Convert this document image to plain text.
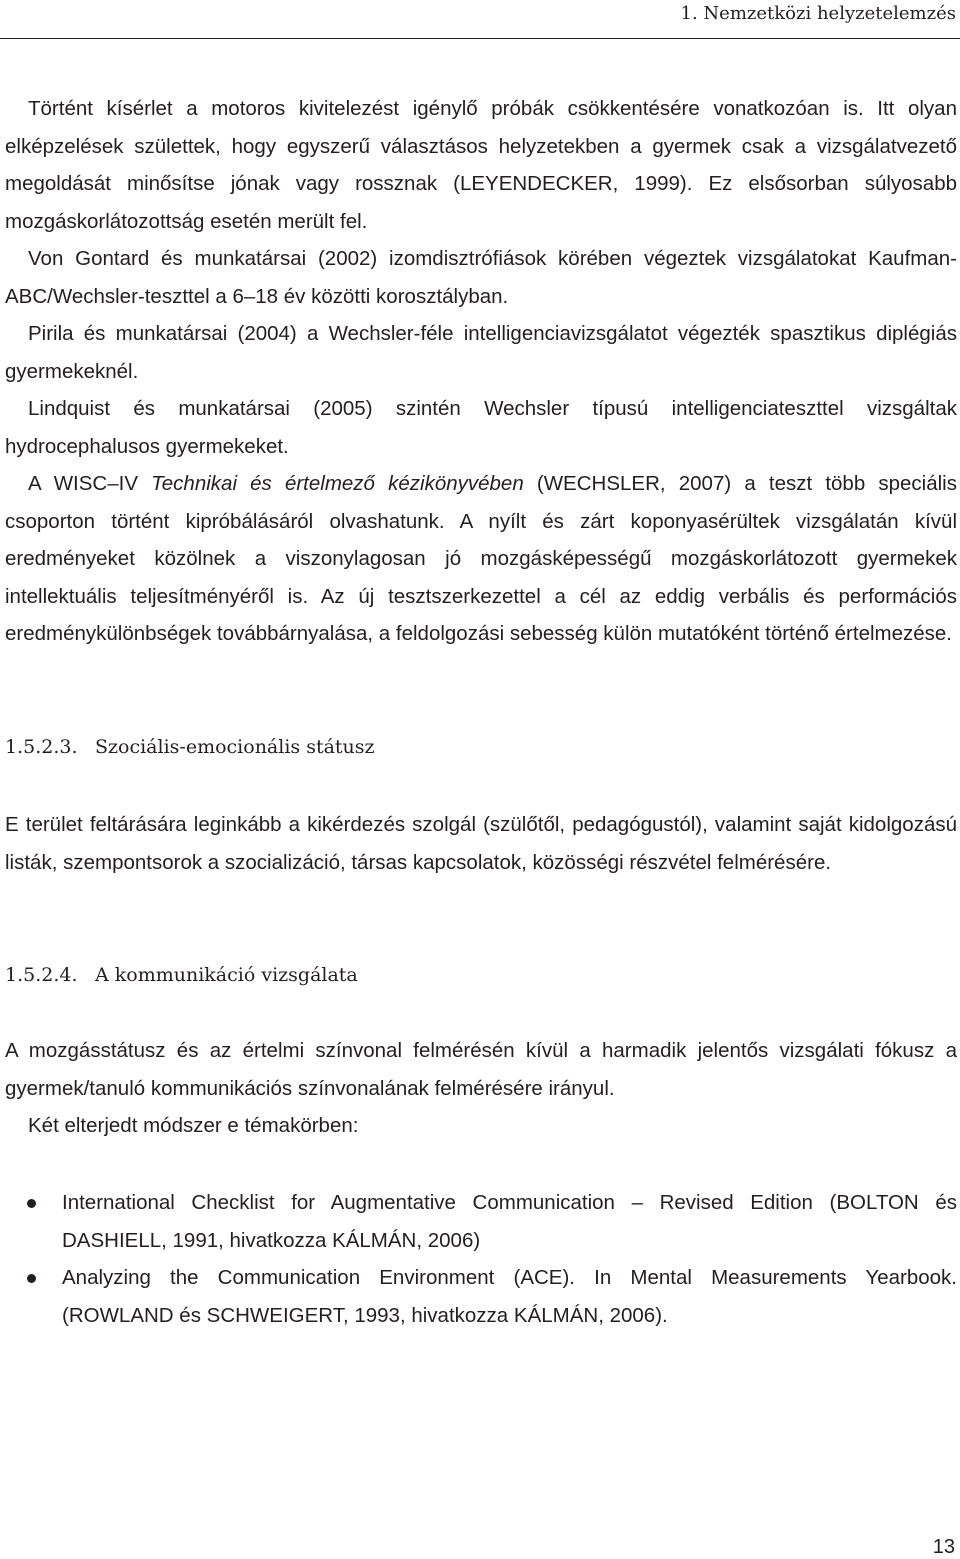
1. Nemzetközi helyzetelemzés

Történt kísérlet a motoros kivitelezést igénylő próbák csökkentésére vonatkozóan is. Itt olyan elképzelések születtek, hogy egyszerű választásos helyzetekben a gyermek csak a vizsgálatvezető megoldását minősítse jónak vagy rossznak (LEYENDECKER, 1999). Ez elsősorban súlyosabb mozgáskorlátozottság esetén merült fel.

Von Gontard és munkatársai (2002) izomdisztrófiások körében végeztek vizsgálatokat Kaufman-ABC/Wechsler-teszttel a 6–18 év közötti korosztályban.

Pirila és munkatársai (2004) a Wechsler-féle intelligenciavizsgálatot végezték spasztikus diplégiás gyermekeknél.

Lindquist és munkatársai (2005) szintén Wechsler típusú intelligenciateszttel vizsgáltak hydrocephalusos gyermekeket.

A WISC–IV Technikai és értelmező kézikönyvében (WECHSLER, 2007) a teszt több speciális csoporton történt kipróbálásáról olvashatunk. A nyílt és zárt koponyasérültek vizsgálatán kívül eredményeket közölnek a viszonylagosan jó mozgásképességű mozgáskorlátozott gyermekek intellektuális teljesítményéről is. Az új tesztszerkezettel a cél az eddig verbális és performációs eredménykülönbségek továbbárnyalása, a feldolgozási sebesség külön mutatóként történő értelmezése.

1.5.2.3. Szociális-emocionális státusz

E terület feltárására leginkább a kikérdezés szolgál (szülőtől, pedagógustól), valamint saját kidolgozású listák, szempontsorok a szocializáció, társas kapcsolatok, közösségi részvétel felmérésére.

1.5.2.4. A kommunikáció vizsgálata

A mozgásstátusz és az értelmi színvonal felmérésén kívül a harmadik jelentős vizsgálati fókusz a gyermek/tanuló kommunikációs színvonalának felmérésére irányul.

Két elterjedt módszer e témakörben:

International Checklist for Augmentative Communication – Revised Edition (BOLTON és DASHIELL, 1991, hivatkozza KÁLMÁN, 2006)
Analyzing the Communication Environment (ACE). In Mental Measurements Yearbook. (ROWLAND és SCHWEIGERT, 1993, hivatkozza KÁLMÁN, 2006).
13
